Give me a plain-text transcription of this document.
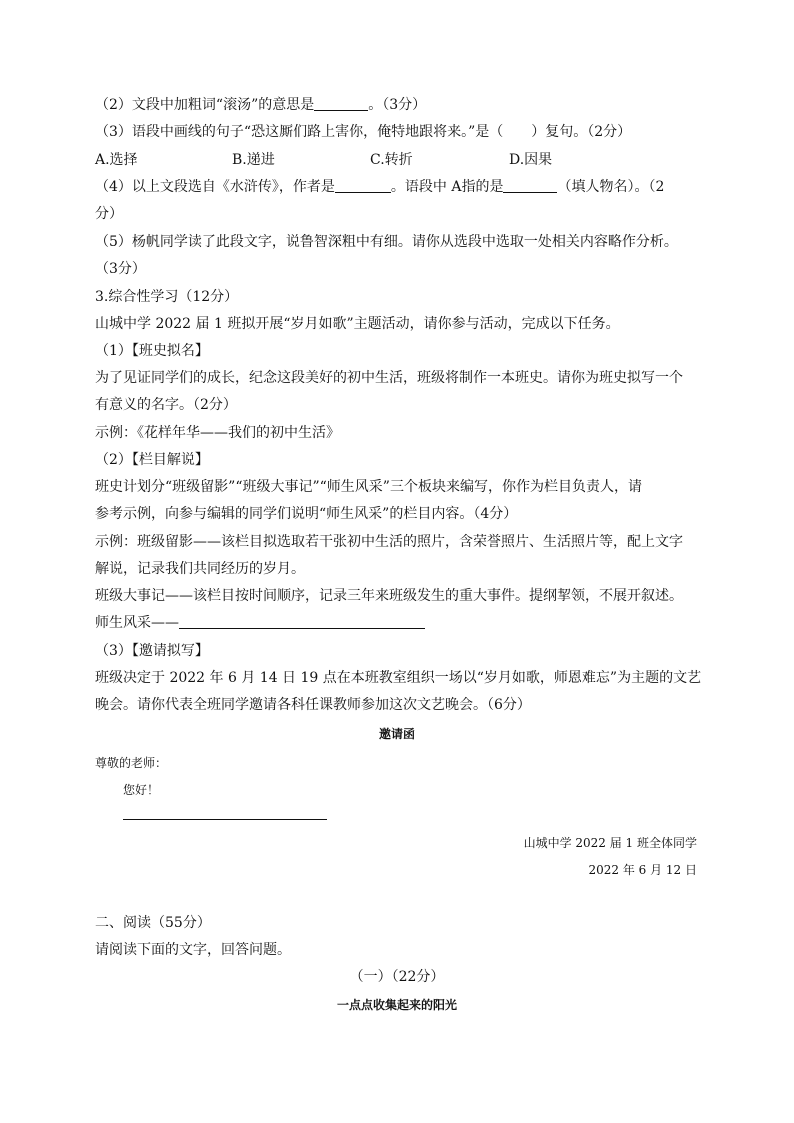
（2）文段中加粗词“滚汤”的意思是	。（3分）
（3）语段中画线的句子“恐这厮们路上害你，俺特地跟将来。”是（　　）复句。（2分）
A.选择	B.递进	C.转折	D.因果
（4）以上文段选自《水浒传》，作者是	。语段中 A指的是	（填人物名）。（2
分）
（5）杨帆同学读了此段文字，说鲁智深粗中有细。请你从选段中选取一处相关内容略作分析。
（3分）
3.综合性学习（12分）
山城中学 2022 届 1 班拟开展“岁月如歌”主题活动，请你参与活动，完成以下任务。
（1）【班史拟名】
为了见证同学们的成长，纪念这段美好的初中生活，班级将制作一本班史。请你为班史拟写一个
有意义的名字。（2分）
示例：《花样年华——我们的初中生活》
（2）【栏目解说】
班史计划分“班级留影”“班级大事记”“师生风采”三个板块来编写，你作为栏目负责人，请
参考示例，向参与编辑的同学们说明“师生风采”的栏目内容。（4分）
示例：班级留影——该栏目拟选取若干张初中生活的照片，含荣誉照片、生活照片等，配上文字
解说，记录我们共同经历的岁月。
班级大事记——该栏目按时间顺序，记录三年来班级发生的重大事件。提纲挈领，不展开叙述。
师生风采——
（3）【邀请拟写】
班级决定于 2022 年 6 月 14 日 19 点在本班教室组织一场以“岁月如歌，师恩难忘”为主题的文艺
晚会。请你代表全班同学邀请各科任课教师参加这次文艺晚会。（6分）
邀请函
尊敬的老师：
您好！
山城中学 2022 届 1 班全体同学
2022 年 6 月 12 日
二、阅读（55分）
请阅读下面的文字，回答问题。
（一）（22分）
一点点收集起来的阳光
